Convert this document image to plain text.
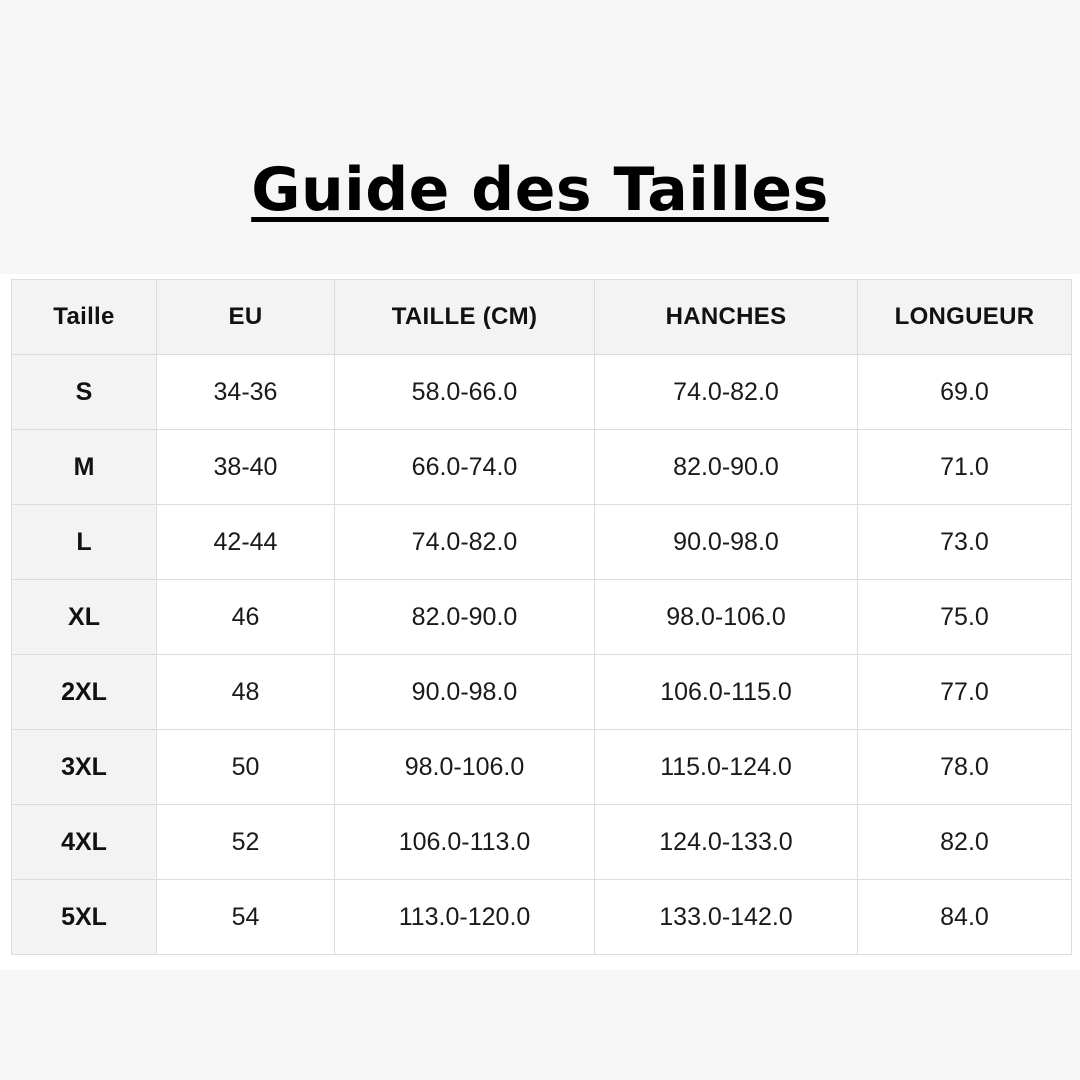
Guide des Tailles
Taille	EU	TAILLE (CM)	HANCHES	LONGUEUR
S	34-36	58.0-66.0	74.0-82.0	69.0
M	38-40	66.0-74.0	82.0-90.0	71.0
L	42-44	74.0-82.0	90.0-98.0	73.0
XL	46	82.0-90.0	98.0-106.0	75.0
2XL	48	90.0-98.0	106.0-115.0	77.0
3XL	50	98.0-106.0	115.0-124.0	78.0
4XL	52	106.0-113.0	124.0-133.0	82.0
5XL	54	113.0-120.0	133.0-142.0	84.0
